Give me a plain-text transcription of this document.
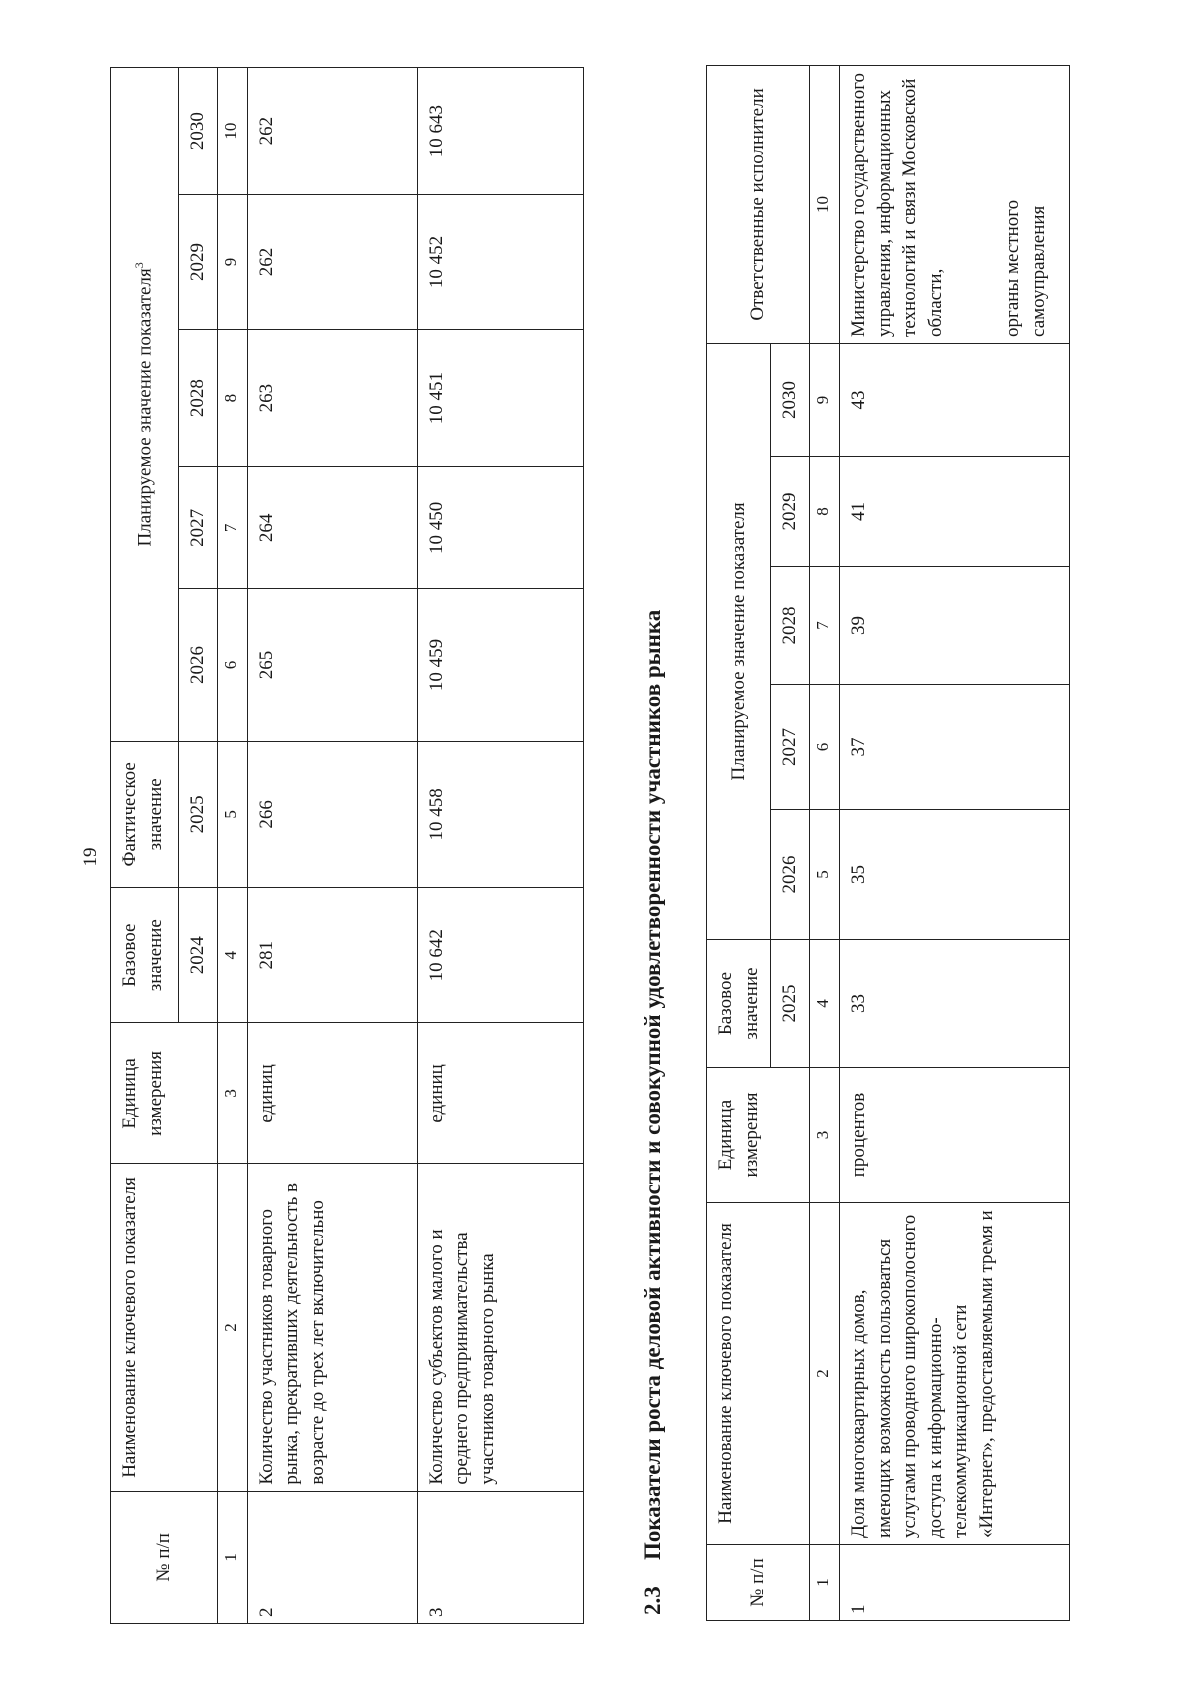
19
№ п/п	Наименование ключевого показателя	Единица измерения	Базовое значение	Фактическое значение	Планируемое значение показателя$^3$
			2024	2025	2026	2027	2028	2029	2030
1	2	3	4	5	6	7	8	9	10
2	Количество участников товарного рынка, прекративших деятельность в возрасте до трех лет включительно	единиц	281	266	265	264	263	262	262
3	Количество субъектов малого и среднего предпринимательства участников товарного рынка	единиц	10 642	10 458	10 459	10 450	10 451	10 452	10 643
2.3Показатели роста деловой активности и совокупной удовлетворенности участников рынка
№ п/п	Наименование ключевого показателя	Единица измерения	Базовое значение	Планируемое значение показателя					Ответственные исполнители
			2025	2026	2027	2028	2029	2030	
1	2	3	4	5	6	7	8	9	10
1	Доля многоквартирных домов, имеющих возможность пользоваться услугами проводного широкополосного доступа к информационно-телекоммуникационной сети «Интернет», предоставляемыми тремя и	процентов	33	35	37	39	41	43	Министерство государственного управления, информационных технологий и связи Московской области, органы местного самоуправления
